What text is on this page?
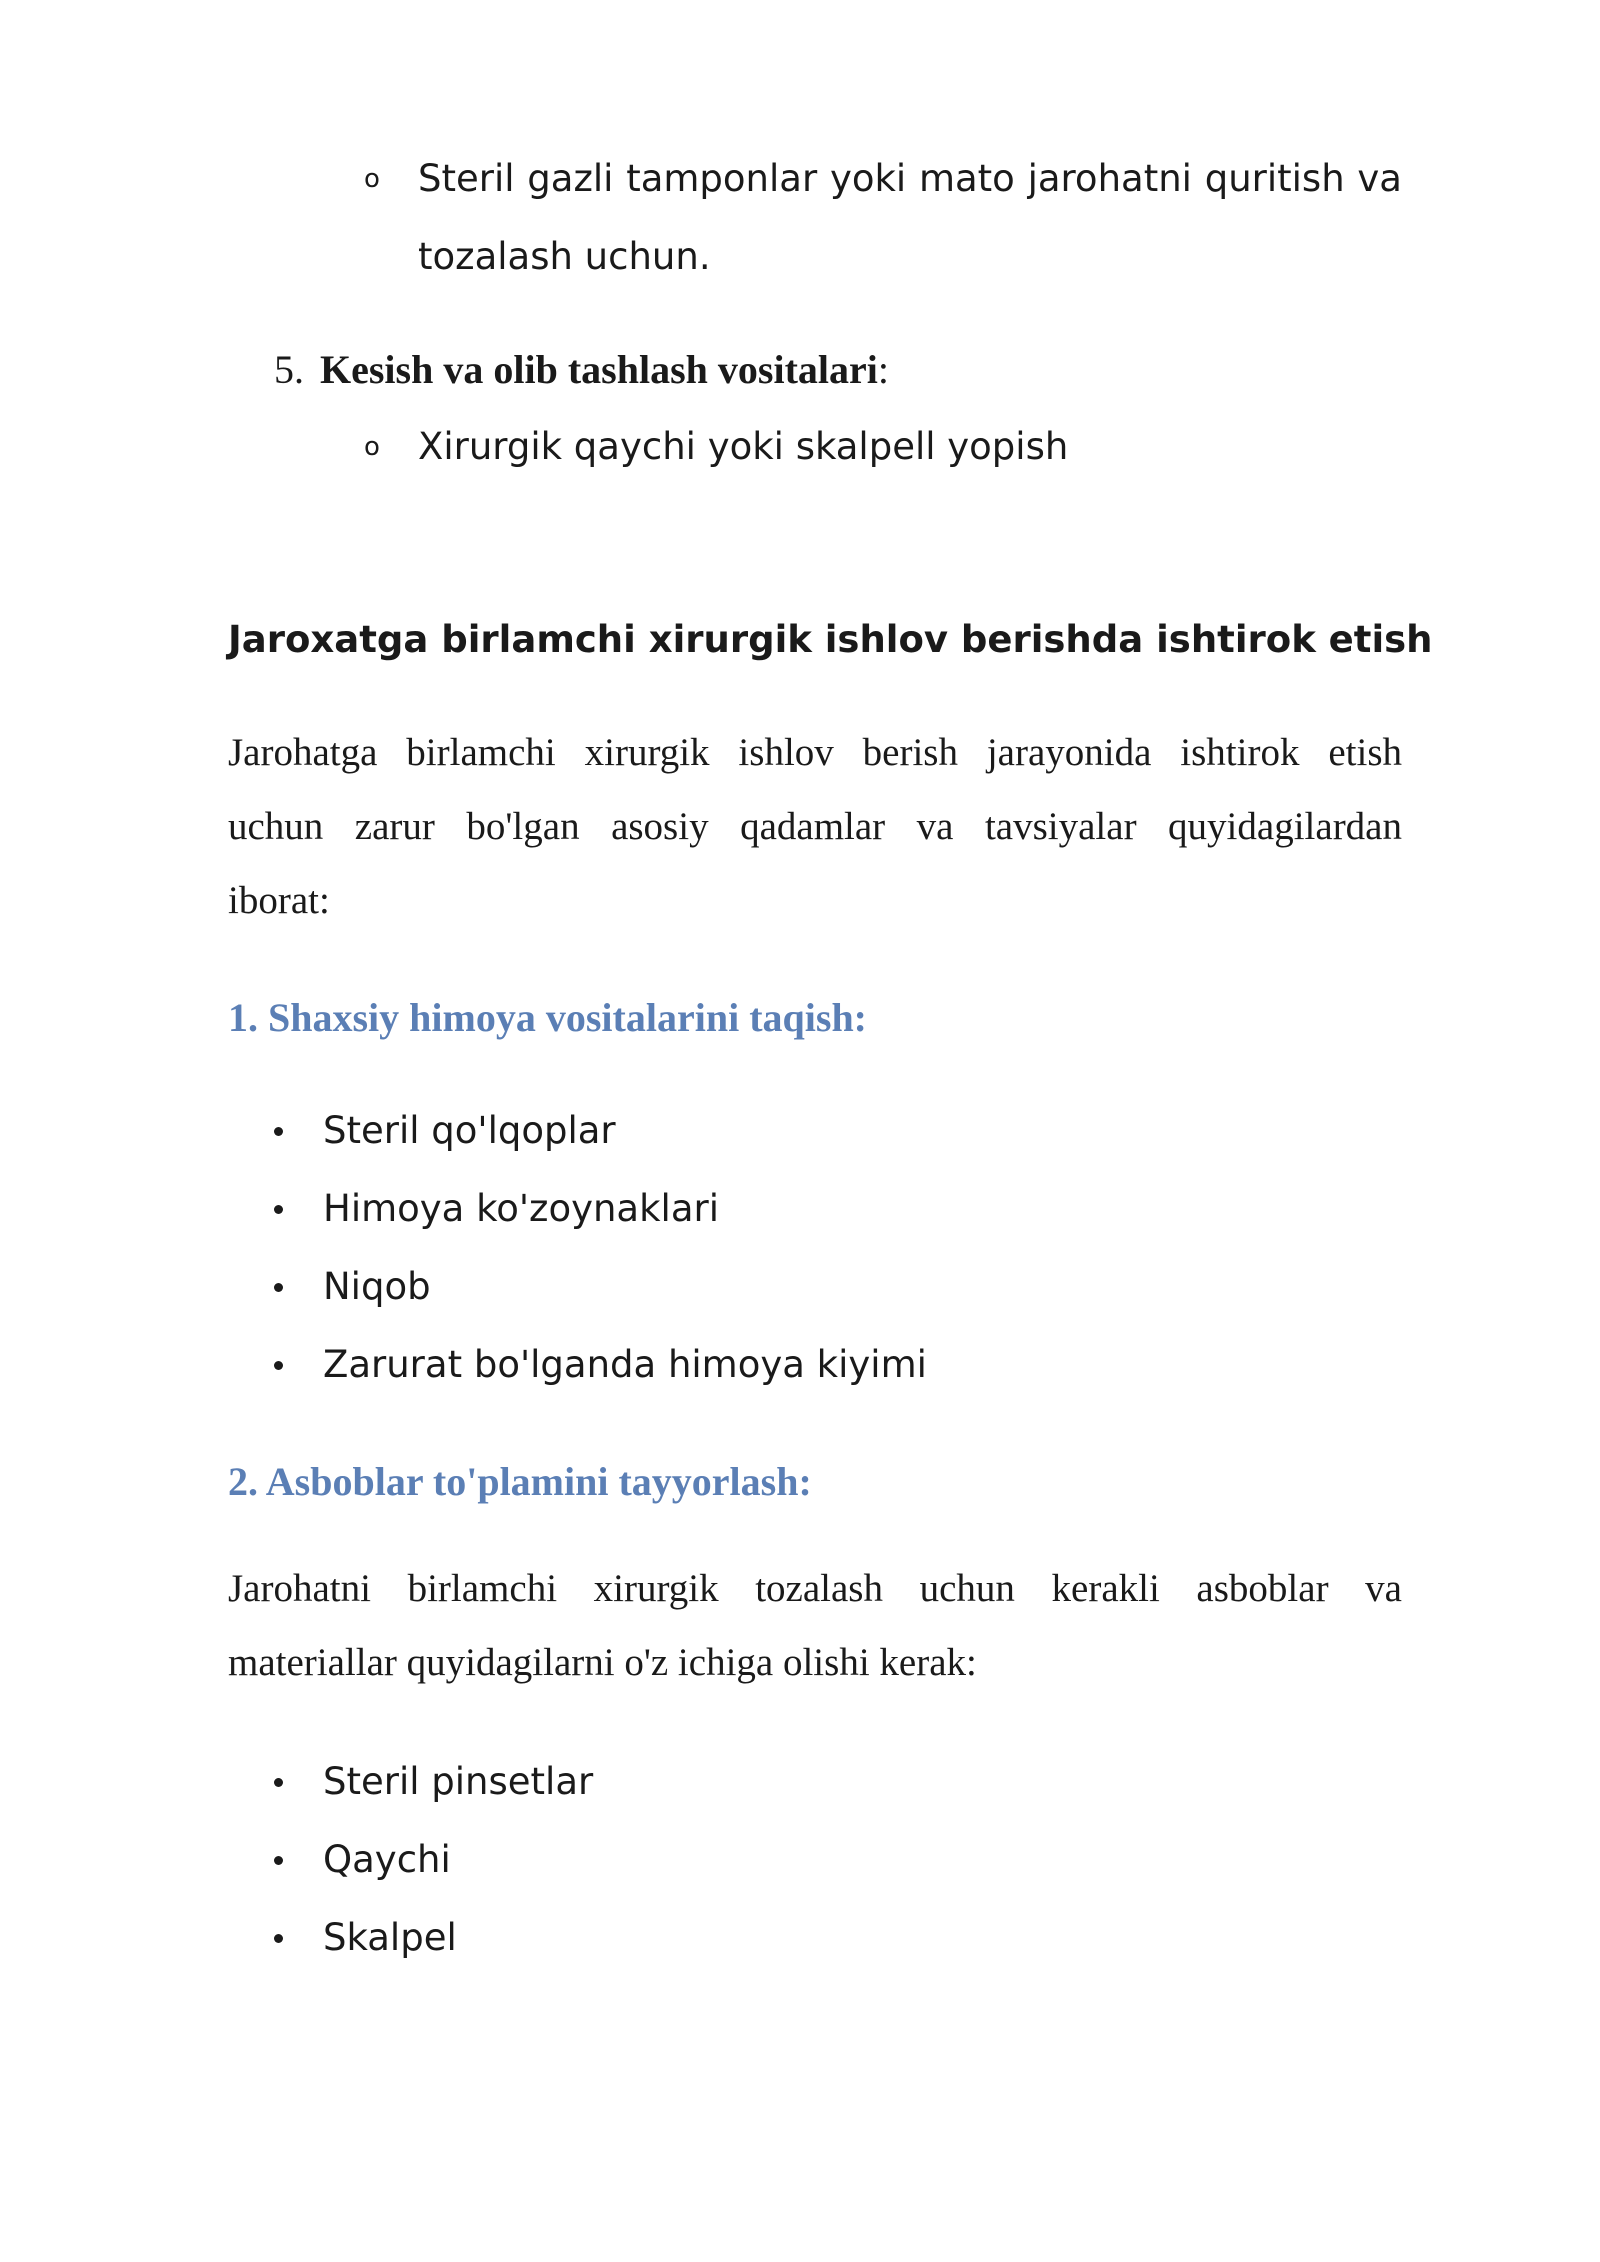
o Steril gazli tamponlar yoki mato jarohatni quritish va
tozalash uchun.
5. Kesish va olib tashlash vositalari:
o Xirurgik qaychi yoki skalpell yopish
Jaroxatga birlamchi xirurgik ishlov berishda ishtirok etish
Jarohatga birlamchi xirurgik ishlov berish jarayonida ishtirok etish
uchun zarur bo'lgan asosiy qadamlar va tavsiyalar quyidagilardan
iborat:
1. Shaxsiy himoya vositalarini taqish:
Steril qo'lqoplar
Himoya ko'zoynaklari
Niqob
Zarurat bo'lganda himoya kiyimi
2. Asboblar to'plamini tayyorlash:
Jarohatni birlamchi xirurgik tozalash uchun kerakli asboblar va
materiallar quyidagilarni o'z ichiga olishi kerak:
Steril pinsetlar
Qaychi
Skalpel
